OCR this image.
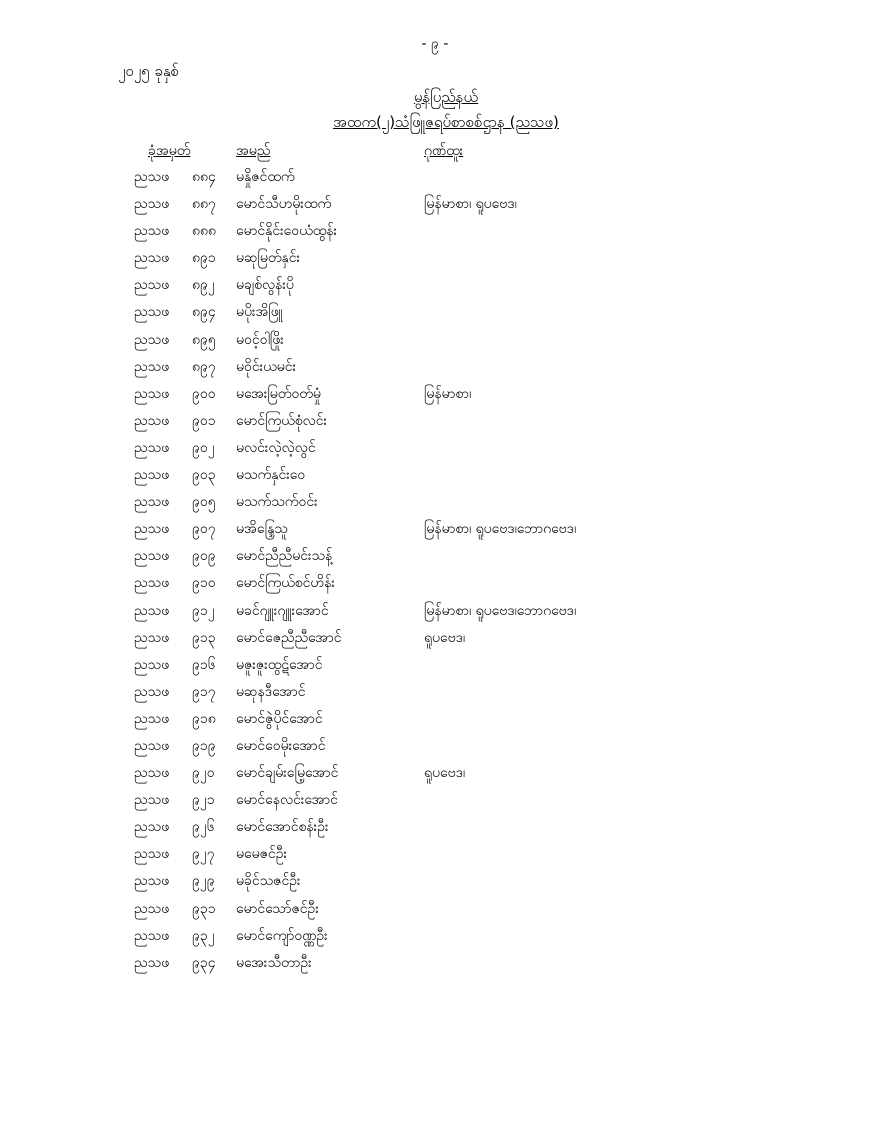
- ၉ -
၂၀၂၅ ခုနှစ်
မွန်ပြည်နယ်
အထက(၂)သံဖြူဇရပ်စာစစ်ဌာန (ညသဖ)
ခုံအမှတ်	အမည်	ဂုဏ်ထူး
ညသဖ ၈၈၄ မနှိုဇင်ထက်
ညသဖ ၈၈၇ မောင်သီဟမိုးထက်	မြန်မာစာ၊ ရူပဗေဒ၊
ညသဖ ၈၈၈ မောင်နိုင်းဝေယံထွန်း
ညသဖ ၈၉၁ မဆုမြတ်နှင်း
ညသဖ ၈၉၂ မချစ်လွန်းပို
ညသဖ ၈၉၄ မပိုးအိဖြူ
ညသဖ ၈၉၅ မဝင့်ဝါဖြိုး
ညသဖ ၈၉၇ မဝိုင်းယမင်း
ညသဖ ၉၀၀ မအေးမြတ်ဝတ်မှုံ	မြန်မာစာ၊
ညသဖ ၉၀၁ မောင်ကြယ်စုံလင်း
ညသဖ ၉၀၂ မလင်းလဲ့လဲ့လွင်
ညသဖ ၉၀၃ မသက်နှင်းဝေ
ညသဖ ၉၀၅ မသက်သက်ဝင်း
ညသဖ ၉၀၇ မအိန္ဒြေသူ	မြန်မာစာ၊ ရူပဗေဒ၊ဘောဂဗေဒ၊
ညသဖ ၉၀၉ မောင်ညီညီမင်းသန့်
ညသဖ ၉၁၀ မောင်ကြယ်စင်ဟိန်း
ညသဖ ၉၁၂ မခင်ဂျူးဂျူးအောင်	မြန်မာစာ၊ ရူပဗေဒ၊ဘောဂဗေဒ၊
ညသဖ ၉၁၃ မောင်ဇေညီညီအောင်	ရူပဗေဒ၊
ညသဖ ၉၁၆ မဇူးဇူးထွဋ်အောင်
ညသဖ ၉၁၇ မဆုနဒီအောင်
ညသဖ ၉၁၈ မောင်ဇွဲပိုင်အောင်
ညသဖ ၉၁၉ မောင်ဝေမိုးအောင်
ညသဖ ၉၂၀ မောင်ချမ်းမြေ့အောင်	ရူပဗေဒ၊
ညသဖ ၉၂၁ မောင်နေလင်းအောင်
ညသဖ ၉၂၆ မောင်အောင်စန်းဦး
ညသဖ ၉၂၇ မမေဇင်ဦး
ညသဖ ၉၂၉ မခိုင်သဇင်ဦး
ညသဖ ၉၃၁ မောင်သော်ဇင်ဦး
ညသဖ ၉၃၂ မောင်ကျော်ဝဏ္ဏဦး
ညသဖ ၉၃၄ မအေးသီတာဦး
